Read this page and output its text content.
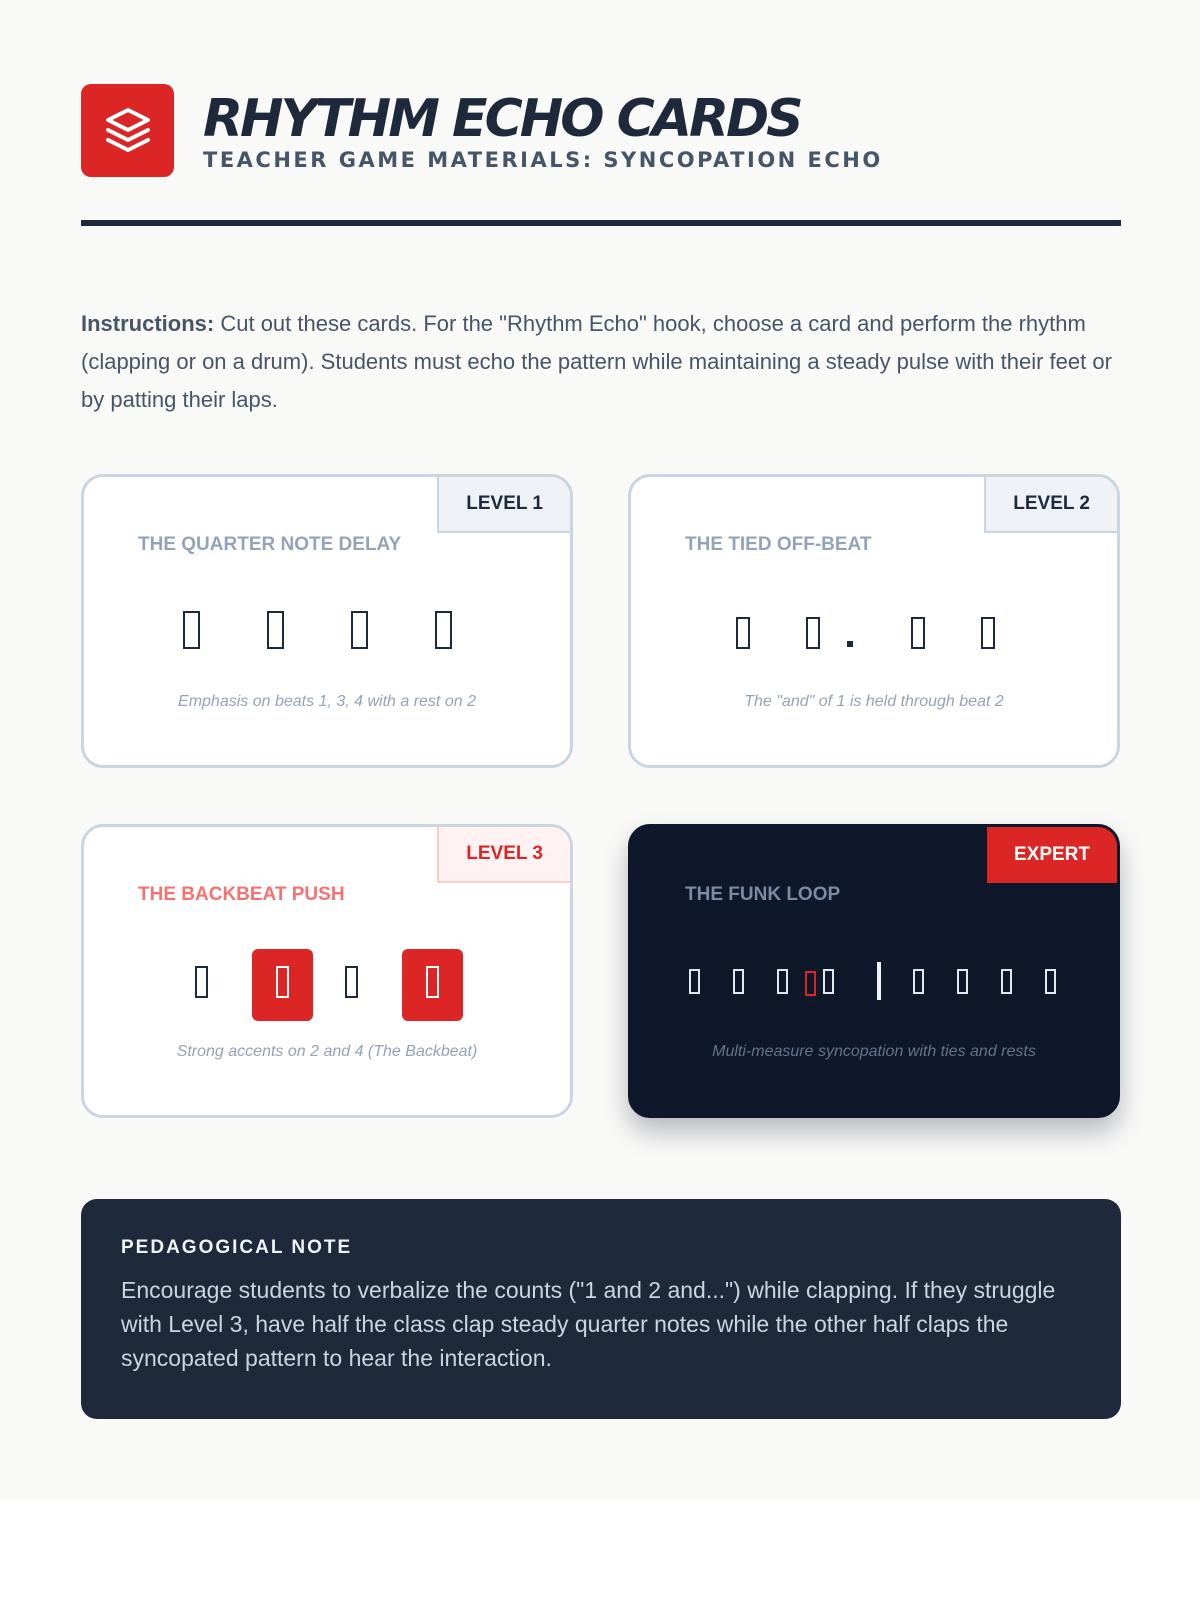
RHYTHM ECHO CARDS
TEACHER GAME MATERIALS: SYNCOPATION ECHO

Instructions: Cut out these cards. For the "Rhythm Echo" hook, choose a card and perform the rhythm (clapping or on a drum). Students must echo the pattern while maintaining a steady pulse with their feet or by patting their laps.

LEVEL 1
THE QUARTER NOTE DELAY
Emphasis on beats 1, 3, 4 with a rest on 2
LEVEL 2
THE TIED OFF-BEAT
The "and" of 1 is held through beat 2
LEVEL 3
THE BACKBEAT PUSH
Strong accents on 2 and 4 (The Backbeat)
EXPERT
THE FUNK LOOP
Multi-measure syncopation with ties and rests
PEDAGOGICAL NOTE
Encourage students to verbalize the counts ("1 and 2 and...") while clapping. If they struggle with Level 3, have half the class clap steady quarter notes while the other half claps the syncopated pattern to hear the interaction.
